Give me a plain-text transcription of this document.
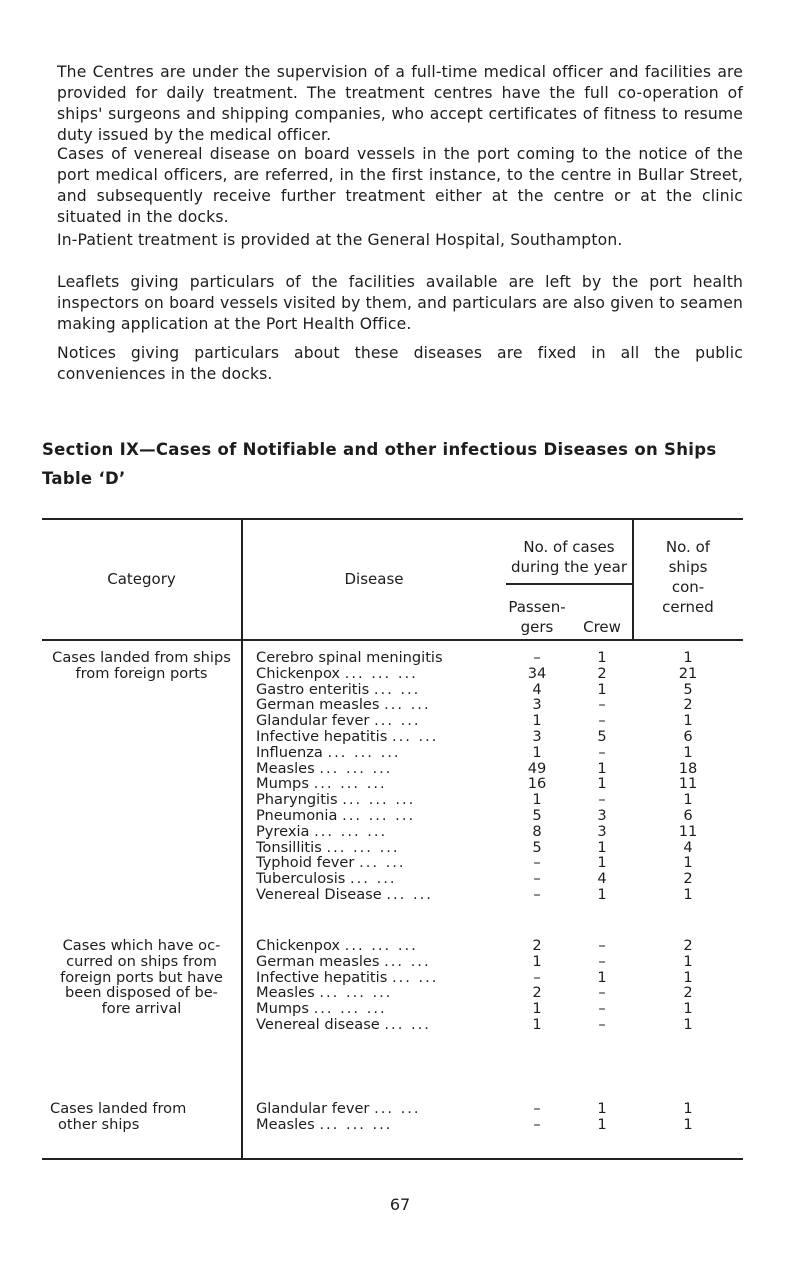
The Centres are under the supervision of a full-time medical officer and facilities are provided for daily treatment. The treatment centres have the full co-operation of ships' surgeons and shipping companies, who accept certificates of fitness to resume duty issued by the medical officer.

Cases of venereal disease on board vessels in the port coming to the notice of the port medical officers, are referred, in the first instance, to the centre in Bullar Street, and subsequently receive further treatment either at the centre or at the clinic situated in the docks.

In-Patient treatment is provided at the General Hospital, Southampton.

Leaflets giving particulars of the facilities available are left by the port health inspectors on board vessels visited by them, and particulars are also given to seamen making application at the Port Health Office.

Notices giving particulars about these diseases are fixed in all the public conveniences in the docks.

Section IX—Cases of Notifiable and other infectious Diseases on Ships
Table ‘D’
Category	Disease
No. of cases
during the year
Passen-
gers	Crew
No. of
ships
con-
cerned
Cases landed from ships
from foreign ports
Cerebro spinal meningitis
Chickenpox ... ... ...
Gastro enteritis ... ...
German measles ... ...
Glandular fever ... ...
Infective hepatitis ... ...
Influenza ... ... ...
Measles ... ... ...
Mumps ... ... ...
Pharyngitis ... ... ...
Pneumonia ... ... ...
Pyrexia ... ... ...
Tonsillitis ... ... ...
Typhoid fever ... ...
Tuberculosis ... ...
Venereal Disease ... ...
–
34
4
3
1
3
1
49
16
1
5
8
5
–
–
–
1
2
1
–
–
5
–
1
1
–
3
3
1
1
4
1
1
21
5
2
1
6
1
18
11
1
6
11
4
1
2
1
Cases which have oc-
curred on ships from
foreign ports but have
been disposed of be-
fore arrival
Chickenpox ... ... ...
German measles ... ...
Infective hepatitis ... ...
Measles ... ... ...
Mumps ... ... ...
Venereal disease ... ...
2
1
–
2
1
1
–
–
1
–
–
–
2
1
1
2
1
1
Cases landed from
other ships
Glandular fever ... ...
Measles ... ... ...
–
–
1
1
1
1
67
